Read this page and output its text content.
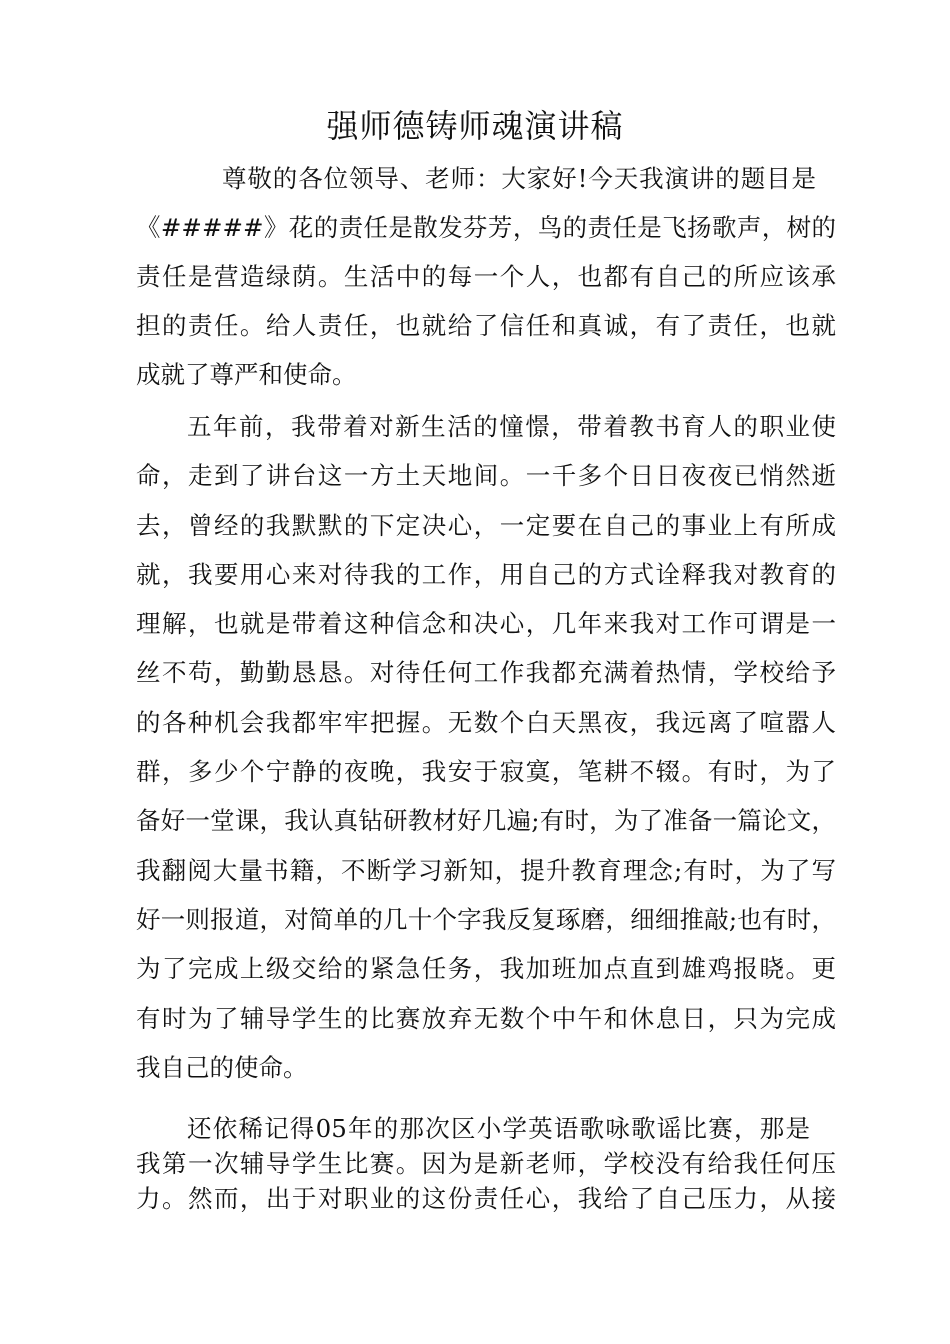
强师德铸师魂演讲稿
尊敬的各位领导、老师：大家好!今天我演讲的题目是
《#####》花的责任是散发芬芳，鸟的责任是飞扬歌声，树的
责任是营造绿荫。生活中的每一个人，也都有自己的所应该承
担的责任。给人责任，也就给了信任和真诚，有了责任，也就
成就了尊严和使命。
五年前，我带着对新生活的憧憬，带着教书育人的职业使
命，走到了讲台这一方土天地间。一千多个日日夜夜已悄然逝
去，曾经的我默默的下定决心，一定要在自己的事业上有所成
就，我要用心来对待我的工作，用自己的方式诠释我对教育的
理解，也就是带着这种信念和决心，几年来我对工作可谓是一
丝不苟，勤勤恳恳。对待任何工作我都充满着热情，学校给予
的各种机会我都牢牢把握。无数个白天黑夜，我远离了喧嚣人
群，多少个宁静的夜晚，我安于寂寞，笔耕不辍。有时，为了
备好一堂课，我认真钻研教材好几遍;有时，为了准备一篇论文，
我翻阅大量书籍，不断学习新知，提升教育理念;有时，为了写
好一则报道，对简单的几十个字我反复琢磨，细细推敲;也有时，
为了完成上级交给的紧急任务，我加班加点直到雄鸡报晓。更
有时为了辅导学生的比赛放弃无数个中午和休息日，只为完成
我自己的使命。
还依稀记得05年的那次区小学英语歌咏歌谣比赛，那是
我第一次辅导学生比赛。因为是新老师，学校没有给我任何压
力。然而，出于对职业的这份责任心，我给了自己压力，从接
